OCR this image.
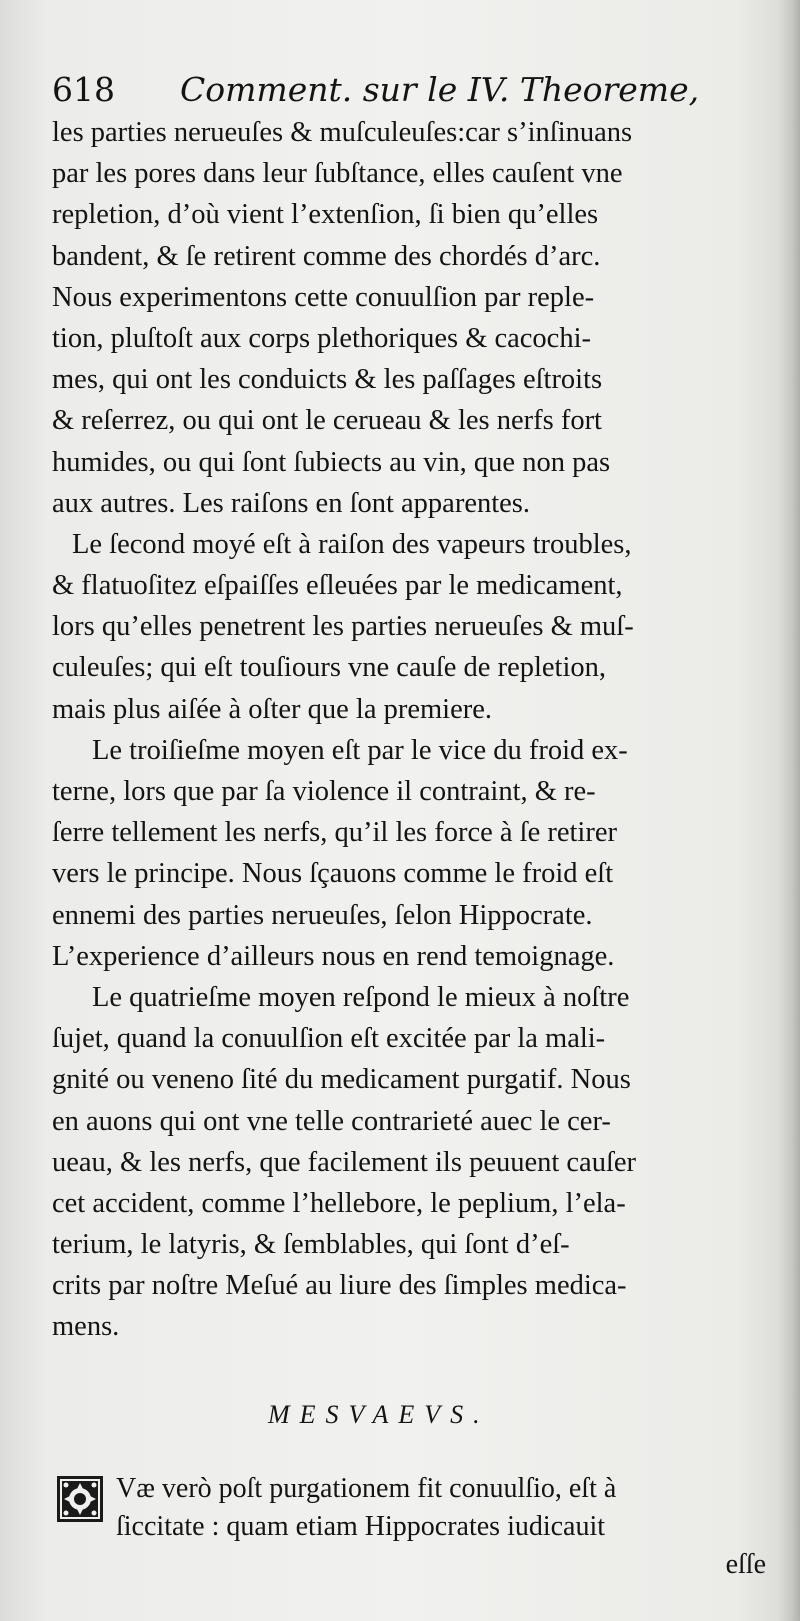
618 Comment. sur le IV. Theoreme,
les parties nerueuſes & muſculeuſes:car s’inſinuans
par les pores dans leur ſubſtance, elles cauſent vne
repletion, d’où vient l’extenſion, ſi bien qu’elles
bandent, & ſe retirent comme des chordés d’arc.
Nous experimentons cette conuulſion par reple-
tion, pluſtoſt aux corps plethoriques & cacochi-
mes, qui ont les conduicts & les paſſages eſtroits
& reſerrez, ou qui ont le cerueau & les nerfs fort
humides, ou qui ſont ſubiects au vin, que non pas
aux autres. Les raiſons en ſont apparentes.
Le ſecond moyé eſt à raiſon des vapeurs troubles,
& flatuoſitez eſpaiſſes eſleuées par le medicament,
lors qu’elles penetrent les parties nerueuſes & muſ-
culeuſes; qui eſt touſiours vne cauſe de repletion,
mais plus aiſée à oſter que la premiere.
Le troiſieſme moyen eſt par le vice du froid ex-
terne, lors que par ſa violence il contraint, & re-
ſerre tellement les nerfs, qu’il les force à ſe retirer
vers le principe. Nous ſçauons comme le froid eſt
ennemi des parties nerueuſes, ſelon Hippocrate.
L’experience d’ailleurs nous en rend temoignage.
Le quatrieſme moyen reſpond le mieux à noſtre
ſujet, quand la conuulſion eſt excitée par la mali-
gnité ou veneno ſité du medicament purgatif. Nous
en auons qui ont vne telle contrarieté auec le cer-
ueau, & les nerfs, que facilement ils peuuent cauſer
cet accident, comme l’hellebore, le peplium, l’ela-
terium, le latyris, & ſemblables, qui ſont d’eſ-
crits par noſtre Meſué au liure des ſimples medica-
mens.
MESVAEVS.
Væ verò poſt purgationem fit conuulſio, eſt à
ſiccitate : quam etiam Hippocrates iudicauit
eſſe
